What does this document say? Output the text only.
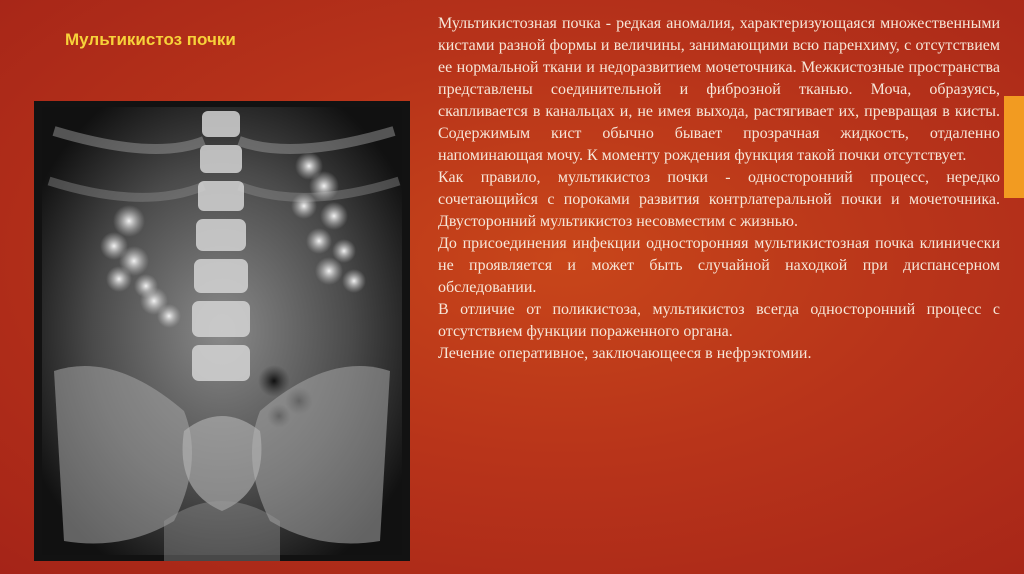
Мультикистоз почки

Мультикистозная почка - редкая аномалия, характеризующаяся множественными кистами разной формы и величины, занимающими всю паренхиму, с отсутствием ее нормальной ткани и недоразвитием мочеточника. Межкистозные пространства представлены соединительной и фиброзной тканью. Моча, образуясь, скапливается в канальцах и, не имея выхода, растягивает их, превращая в кисты. Содержимым кист обычно бывает прозрачная жидкость, отдаленно напоминающая мочу. К моменту рождения функция такой почки отсутствует.

Как правило, мультикистоз почки - односторонний процесс, нередко сочетающийся с пороками развития контрлатеральной почки и мочеточника. Двусторонний мультикистоз несовместим с жизнью.

До присоединения инфекции односторонняя мультикистозная почка клинически не проявляется и может быть случайной находкой при диспансерном обследовании.

В отличие от поликистоза, мультикистоз всегда односторонний процесс с отсутствием функции пораженного органа.

Лечение оперативное, заключающееся в нефрэктомии.
